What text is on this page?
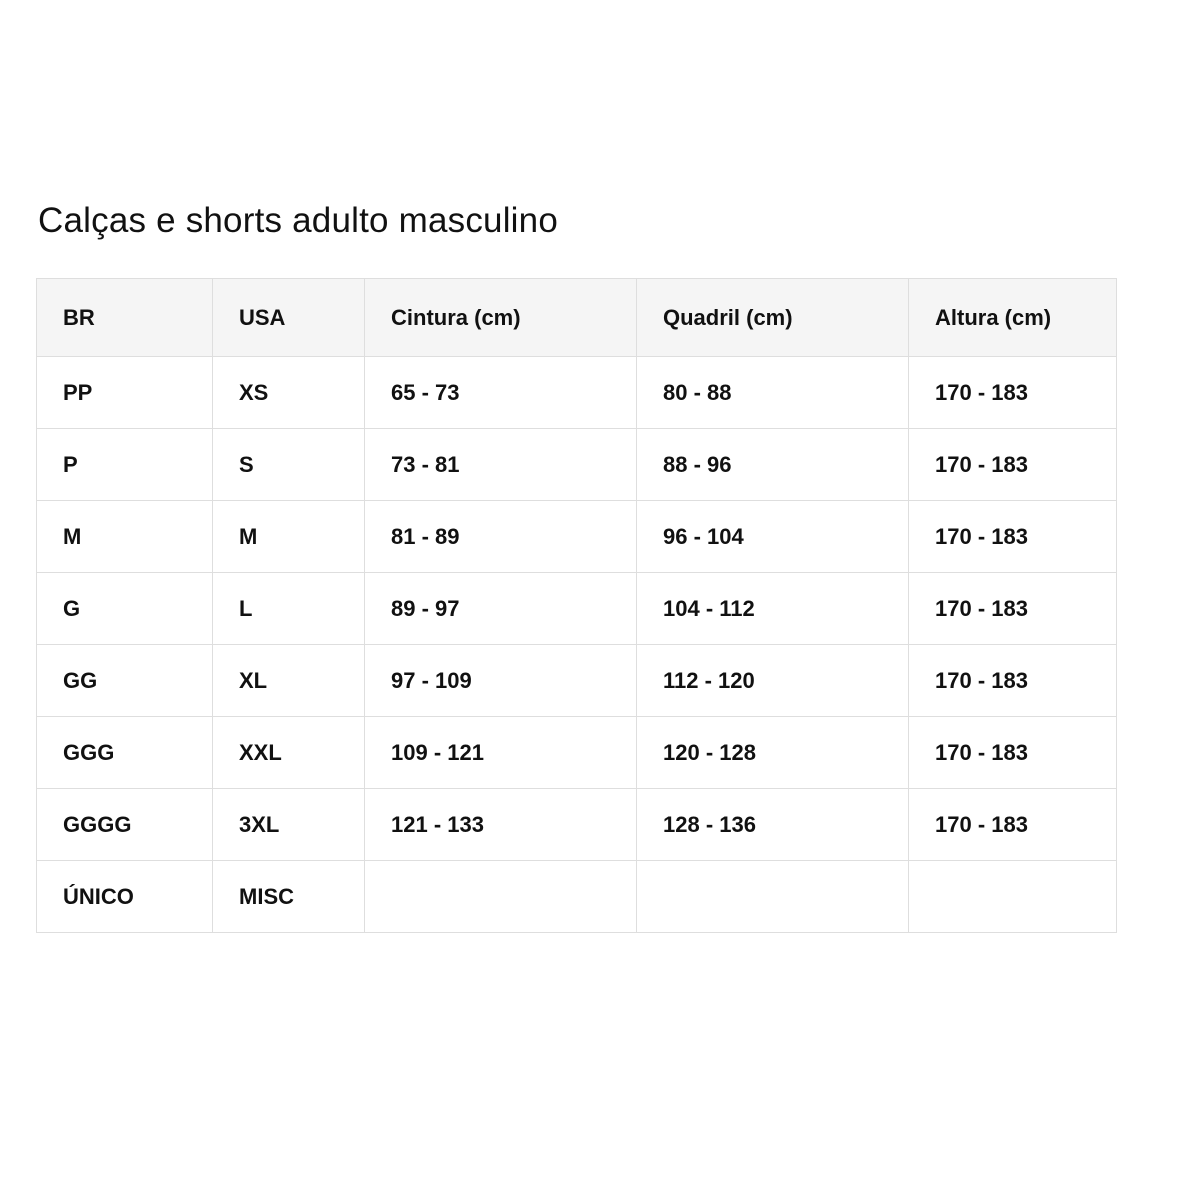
Calças e shorts adulto masculino
BR	USA	Cintura (cm)	Quadril (cm)	Altura (cm)
PP	XS	65 - 73	80 - 88	170 - 183
P	S	73 - 81	88 - 96	170 - 183
M	M	81 - 89	96 - 104	170 - 183
G	L	89 - 97	104 - 112	170 - 183
GG	XL	97 - 109	112 - 120	170 - 183
GGG	XXL	109 - 121	120 - 128	170 - 183
GGGG	3XL	121 - 133	128 - 136	170 - 183
ÚNICO	MISC			
